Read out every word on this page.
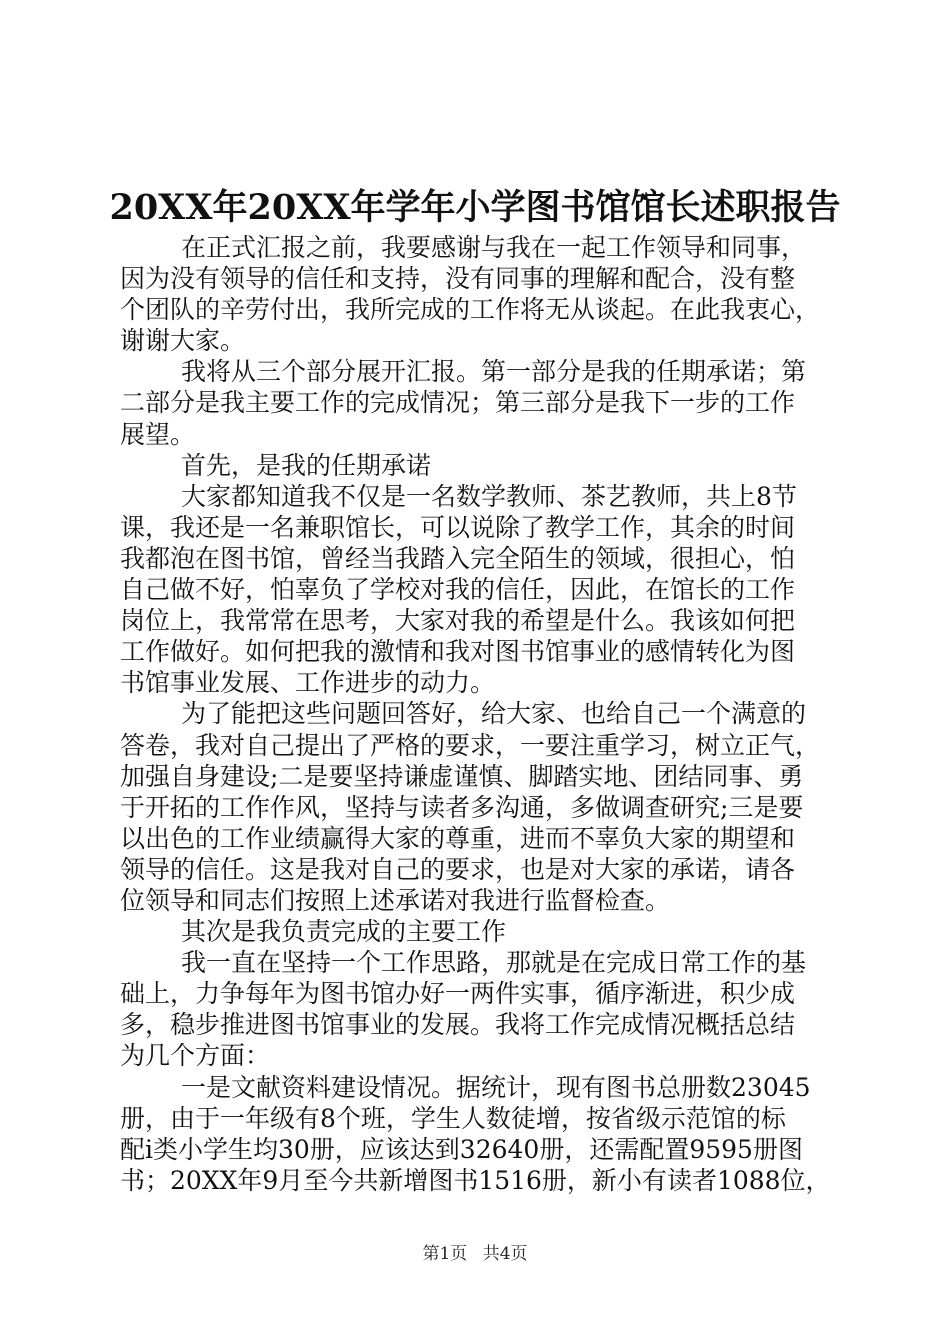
20XX年20XX年学年小学图书馆馆长述职报告
在正式汇报之前，我要感谢与我在一起工作领导和同事，
因为没有领导的信任和支持，没有同事的理解和配合，没有整
个团队的辛劳付出，我所完成的工作将无从谈起。在此我衷心，
谢谢大家。
我将从三个部分展开汇报。第一部分是我的任期承诺；第
二部分是我主要工作的完成情况；第三部分是我下一步的工作
展望。
首先，是我的任期承诺
大家都知道我不仅是一名数学教师、茶艺教师，共上8节
课，我还是一名兼职馆长，可以说除了教学工作，其余的时间
我都泡在图书馆，曾经当我踏入完全陌生的领域，很担心，怕
自己做不好，怕辜负了学校对我的信任，因此，在馆长的工作
岗位上，我常常在思考，大家对我的希望是什么。我该如何把
工作做好。如何把我的激情和我对图书馆事业的感情转化为图
书馆事业发展、工作进步的动力。
为了能把这些问题回答好，给大家、也给自己一个满意的
答卷，我对自己提出了严格的要求，一要注重学习，树立正气，
加强自身建设;二是要坚持谦虚谨慎、脚踏实地、团结同事、勇
于开拓的工作作风，坚持与读者多沟通，多做调查研究;三是要
以出色的工作业绩赢得大家的尊重，进而不辜负大家的期望和
领导的信任。这是我对自己的要求，也是对大家的承诺，请各
位领导和同志们按照上述承诺对我进行监督检查。
其次是我负责完成的主要工作
我一直在坚持一个工作思路，那就是在完成日常工作的基
础上，力争每年为图书馆办好一两件实事，循序渐进，积少成
多，稳步推进图书馆事业的发展。我将工作完成情况概括总结
为几个方面：
一是文献资料建设情况。据统计，现有图书总册数23045
册，由于一年级有8个班，学生人数徒增，按省级示范馆的标
配ⅰ类小学生均30册，应该达到32640册，还需配置9595册图
书；20XX年9月至今共新增图书1516册，新小有读者1088位，
第1页 共4页
